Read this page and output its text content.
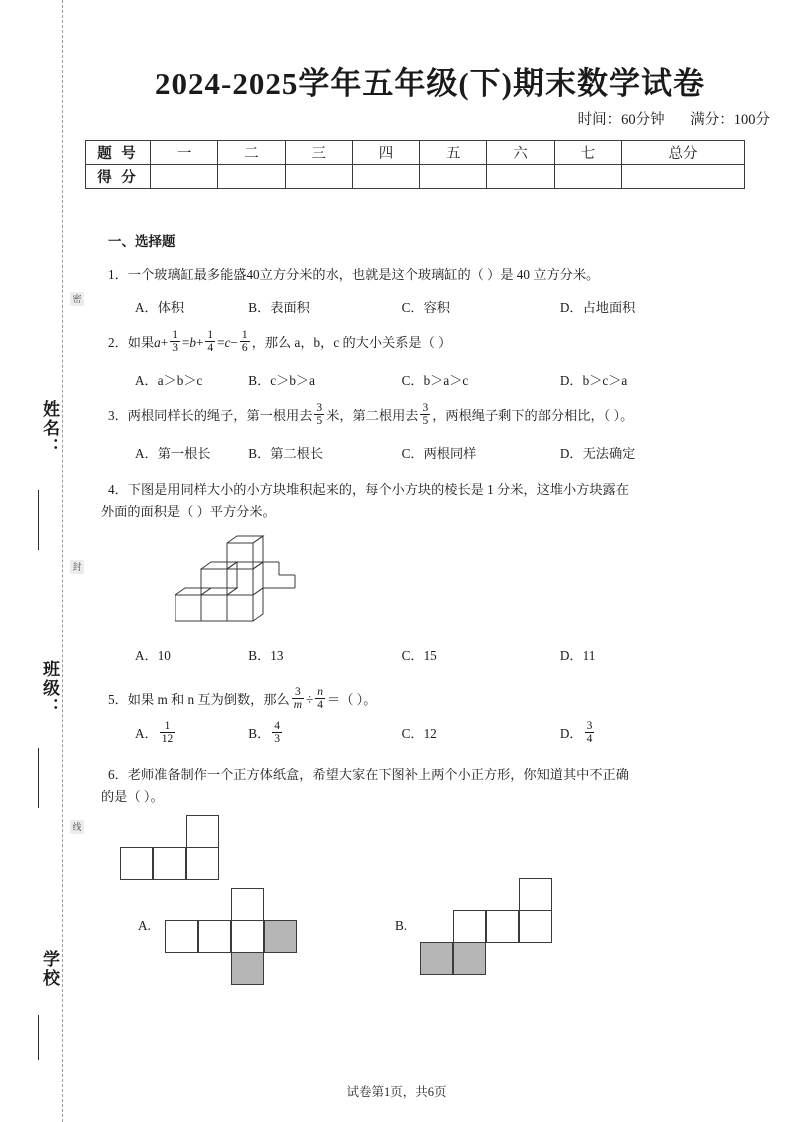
密
姓名：
封
班级：
线
学校
2024-2025学年五年级(下)期末数学试卷
时间：60分钟 满分：100分
题 号	一	二	三	四	五	六	七	总分
得 分								
一、选择题
1．一个玻璃缸最多能盛40立方分米的水，也就是这个玻璃缸的（ ）是 40 立方分米。
A．体积	B．表面积	C．容积	D．占地面积
2．如果$a+ \frac{1}{3} =b+ \frac{1}{4} =c- \frac{1}{6}$ ，那么 a，b，c 的大小关系是（ ）
A．a＞b＞c	B．c＞b＞a	C．b＞a＞c	D．b＞c＞a
3．两根同样长的绳子，第一根用去 $\frac{3}{5}$ 米，第二根用去 $\frac{3}{5}$ ，两根绳子剩下的部分相比，（ ）。
A．第一根长	B．第二根长	C．两根同样	D．无法确定
4．下图是用同样大小的小方块堆积起来的，每个小方块的棱长是 1 分米，这堆小方块露在
外面的面积是（ ）平方分米。
A．10	B．13	C．15	D．11
5．如果 m 和 n 互为倒数，那么 $\frac{3}{m} \div \frac{n}{4}$ ＝（ ）。
A． $\frac{1}{12}$	B． $\frac{4}{3}$	C．12	D． $\frac{3}{4}$
6．老师准备制作一个正方体纸盒，希望大家在下图补上两个小正方形，你知道其中不正确
的是（ ）。
A.	B.
试卷第1页，共6页
